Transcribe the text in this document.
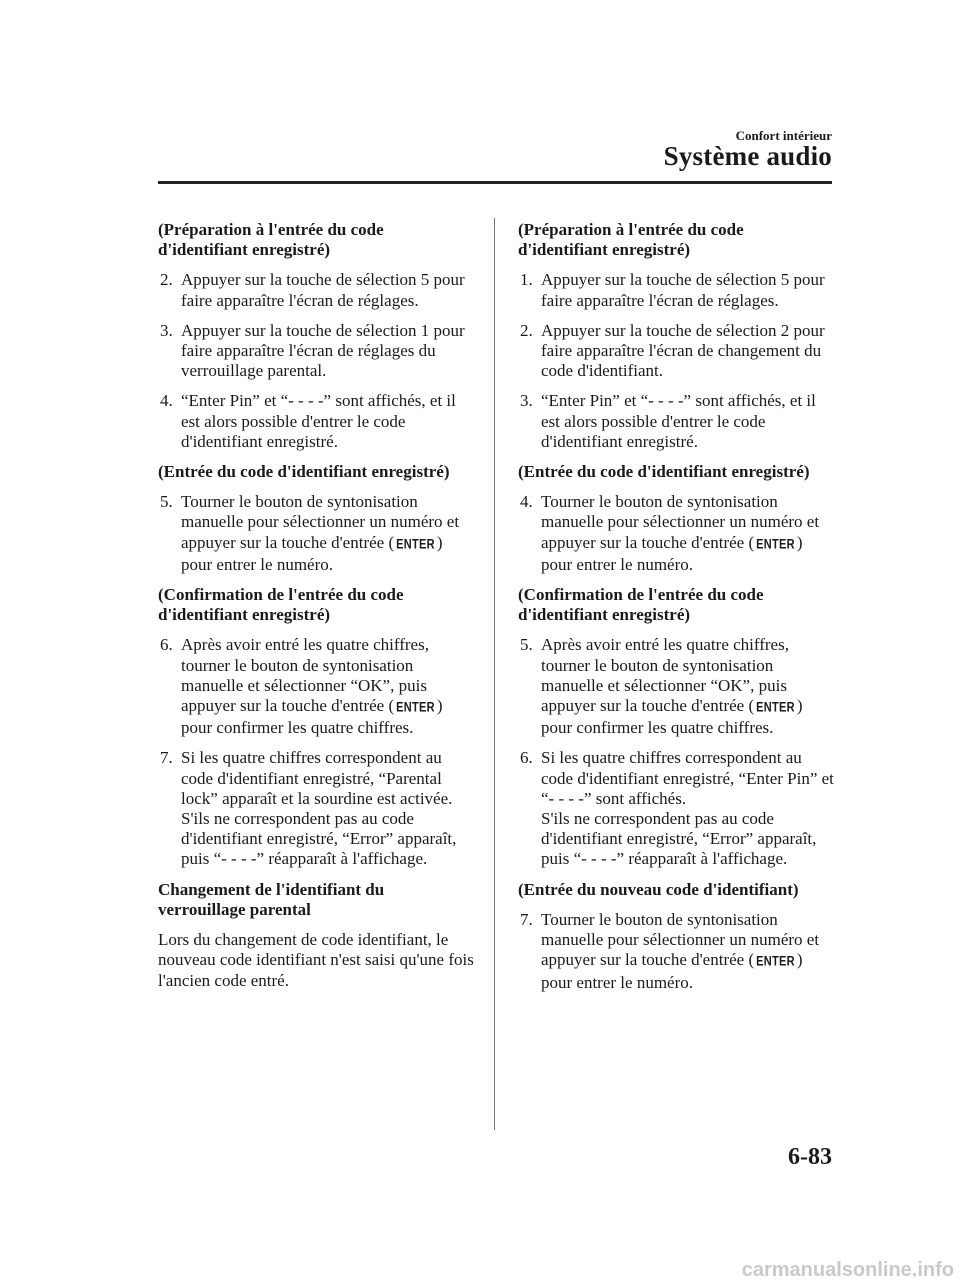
Confort intérieur
Système audio
(Préparation à l'entrée du code d'identifiant enregistré)
2. Appuyer sur la touche de sélection 5 pour faire apparaître l'écran de réglages.
3. Appuyer sur la touche de sélection 1 pour faire apparaître l'écran de réglages du verrouillage parental.
4. “Enter Pin” et “- - - -” sont affichés, et il est alors possible d'entrer le code d'identifiant enregistré.
(Entrée du code d'identifiant enregistré)
5. Tourner le bouton de syntonisation manuelle pour sélectionner un numéro et appuyer sur la touche d'entrée ( ENTER ) pour entrer le numéro.
(Confirmation de l'entrée du code d'identifiant enregistré)
6. Après avoir entré les quatre chiffres, tourner le bouton de syntonisation manuelle et sélectionner “OK”, puis appuyer sur la touche d'entrée ( ENTER ) pour confirmer les quatre chiffres.
7. Si les quatre chiffres correspondent au code d'identifiant enregistré, “Parental lock” apparaît et la sourdine est activée.
S'ils ne correspondent pas au code d'identifiant enregistré, “Error” apparaît, puis “- - - -” réapparaît à l'affichage.
Changement de l'identifiant du verrouillage parental
Lors du changement de code identifiant, le nouveau code identifiant n'est saisi qu'une fois l'ancien code entré.
(Préparation à l'entrée du code d'identifiant enregistré)
1. Appuyer sur la touche de sélection 5 pour faire apparaître l'écran de réglages.
2. Appuyer sur la touche de sélection 2 pour faire apparaître l'écran de changement du code d'identifiant.
3. “Enter Pin” et “- - - -” sont affichés, et il est alors possible d'entrer le code d'identifiant enregistré.
(Entrée du code d'identifiant enregistré)
4. Tourner le bouton de syntonisation manuelle pour sélectionner un numéro et appuyer sur la touche d'entrée ( ENTER ) pour entrer le numéro.
(Confirmation de l'entrée du code d'identifiant enregistré)
5. Après avoir entré les quatre chiffres, tourner le bouton de syntonisation manuelle et sélectionner “OK”, puis appuyer sur la touche d'entrée ( ENTER ) pour confirmer les quatre chiffres.
6. Si les quatre chiffres correspondent au code d'identifiant enregistré, “Enter Pin” et “- - - -” sont affichés.
S'ils ne correspondent pas au code d'identifiant enregistré, “Error” apparaît, puis “- - - -” réapparaît à l'affichage.
(Entrée du nouveau code d'identifiant)
7. Tourner le bouton de syntonisation manuelle pour sélectionner un numéro et appuyer sur la touche d'entrée ( ENTER ) pour entrer le numéro.
6-83
carmanualsonline.info
